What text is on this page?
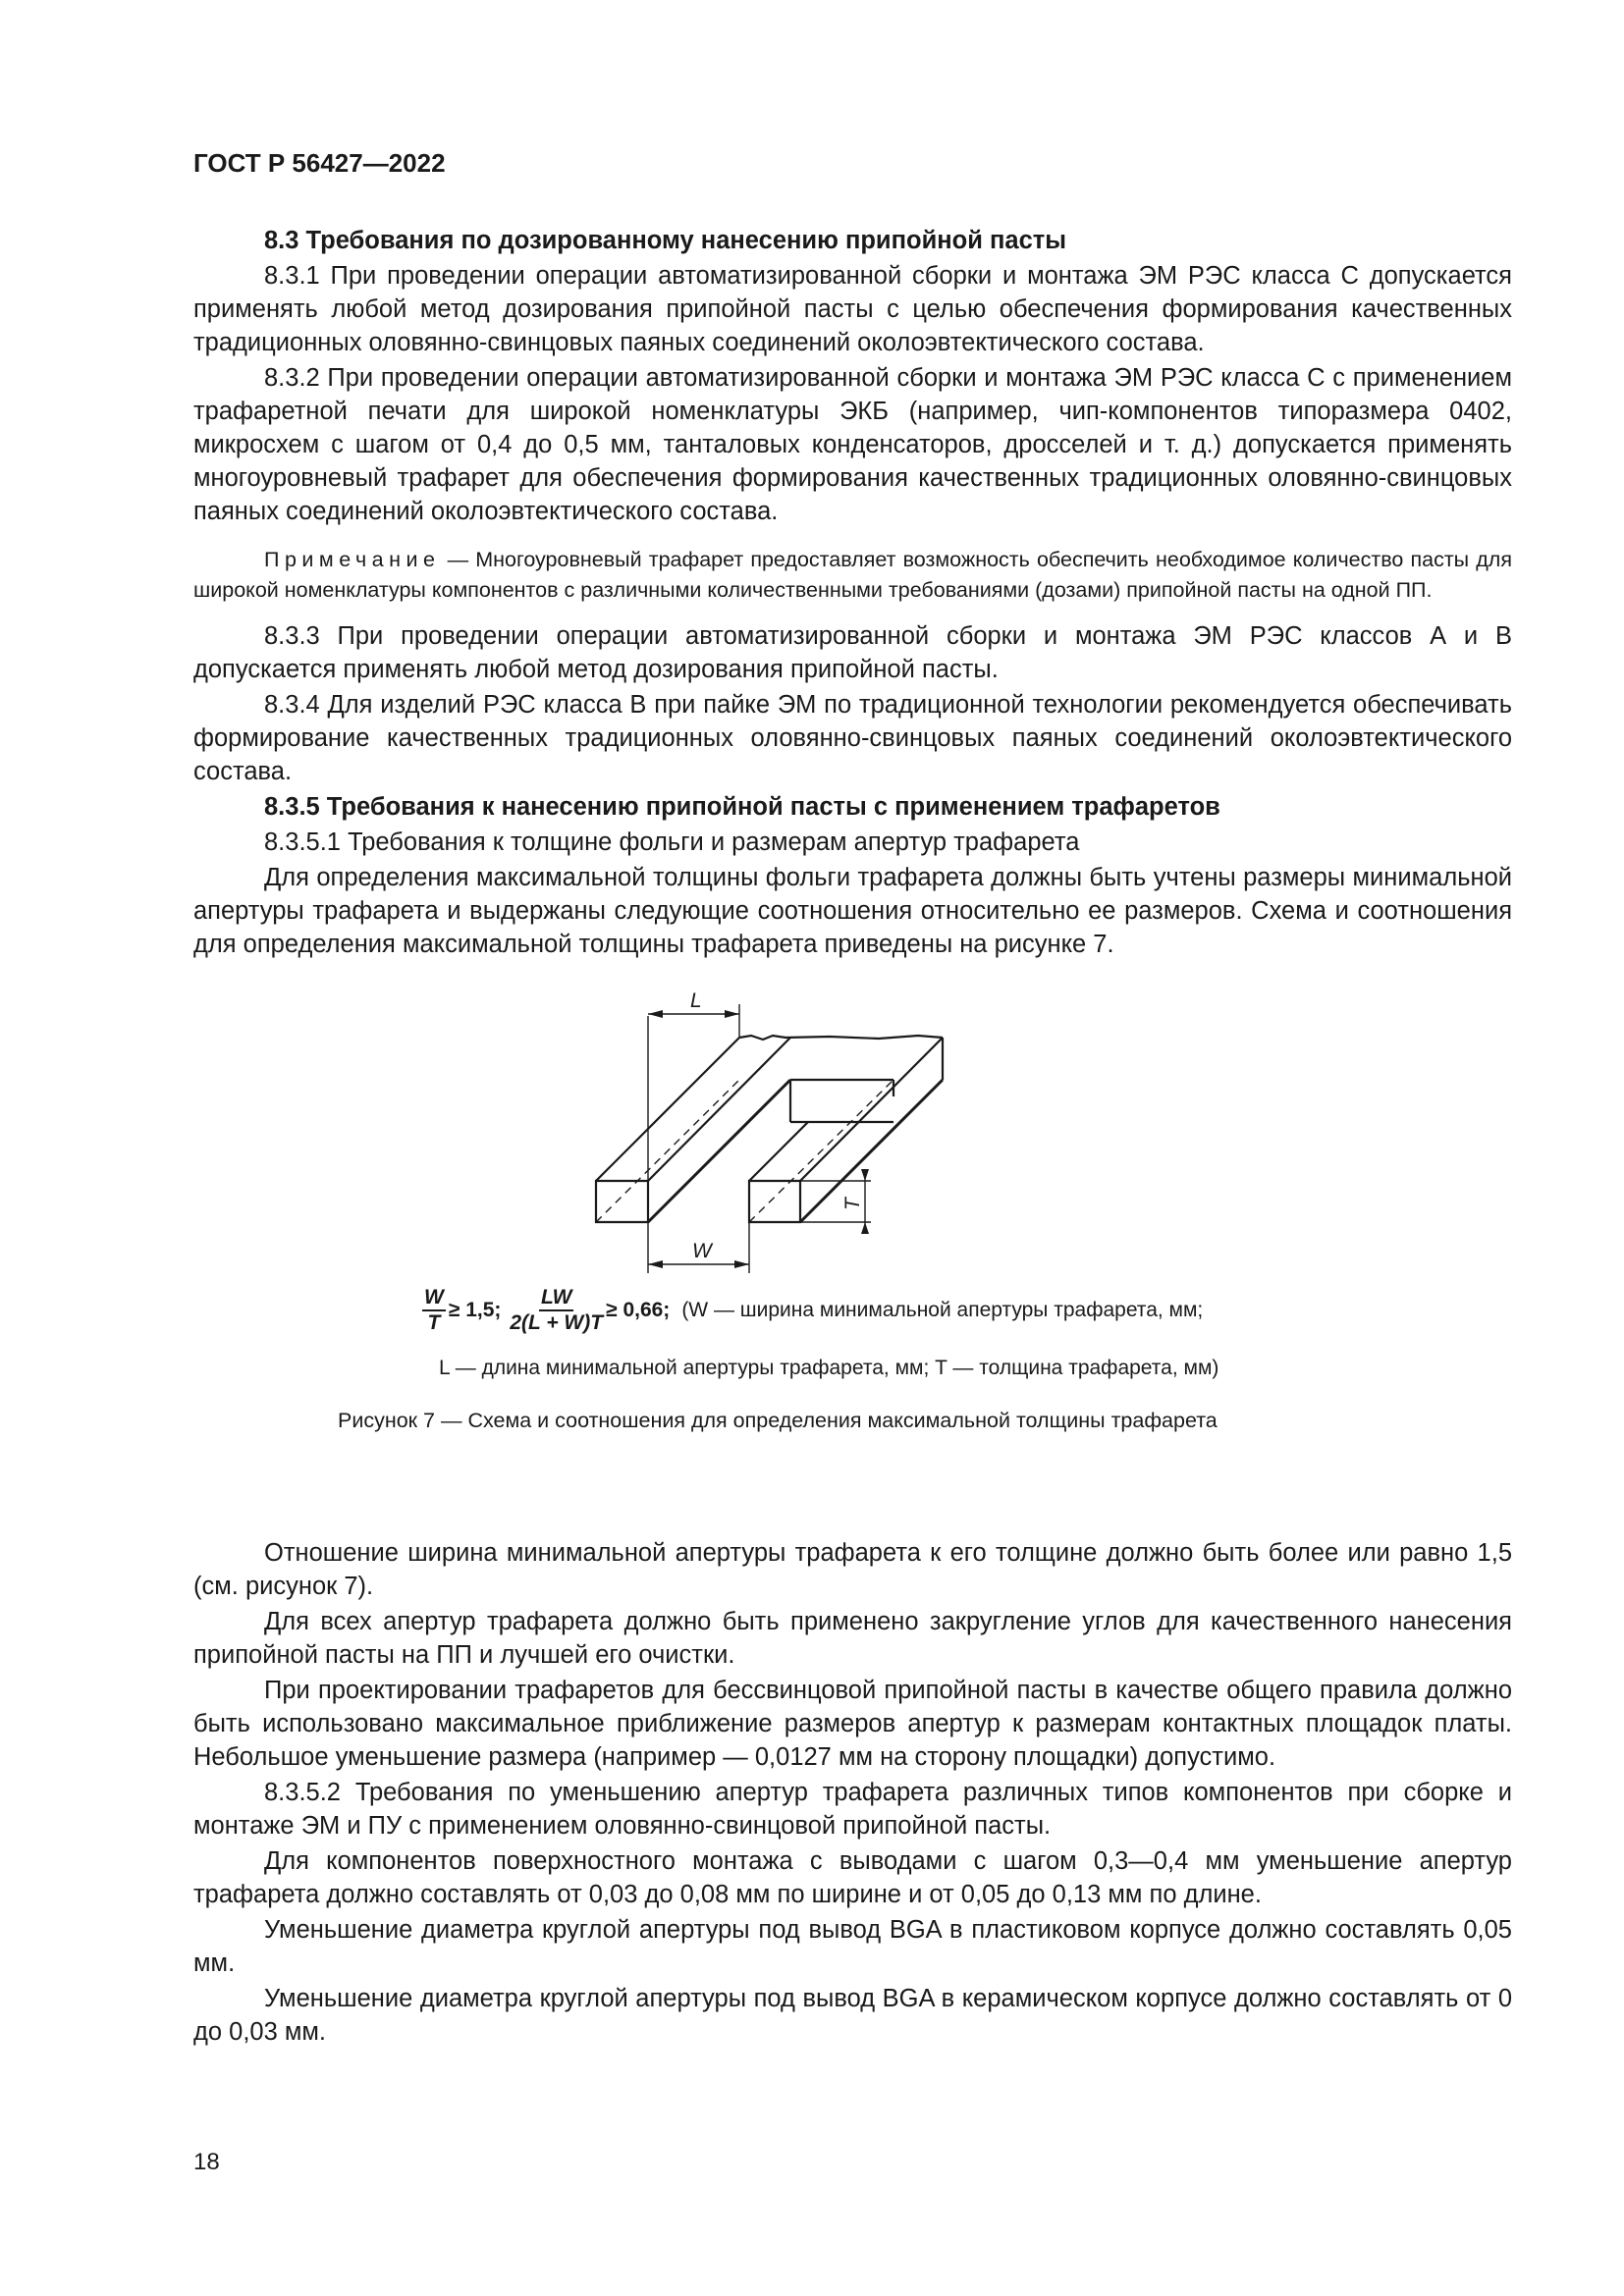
ГОСТ Р 56427—2022
8.3 Требования по дозированному нанесению припойной пасты
8.3.1 При проведении операции автоматизированной сборки и монтажа ЭМ РЭС класса С допускается применять любой метод дозирования припойной пасты с целью обеспечения формирования качественных традиционных оловянно-свинцовых паяных соединений околоэвтектического состава.
8.3.2 При проведении операции автоматизированной сборки и монтажа ЭМ РЭС класса С с применением трафаретной печати для широкой номенклатуры ЭКБ (например, чип-компонентов типоразмера 0402, микросхем с шагом от 0,4 до 0,5 мм, танталовых конденсаторов, дросселей и т. д.) допускается применять многоуровневый трафарет для обеспечения формирования качественных традиционных оловянно-свинцовых паяных соединений околоэвтектического состава.
Примечание — Многоуровневый трафарет предоставляет возможность обеспечить необходимое количество пасты для широкой номенклатуры компонентов с различными количественными требованиями (дозами) припойной пасты на одной ПП.
8.3.3 При проведении операции автоматизированной сборки и монтажа ЭМ РЭС классов А и В допускается применять любой метод дозирования припойной пасты.
8.3.4 Для изделий РЭС класса В при пайке ЭМ по традиционной технологии рекомендуется обеспечивать формирование качественных традиционных оловянно-свинцовых паяных соединений околоэвтектического состава.
8.3.5 Требования к нанесению припойной пасты с применением трафаретов
8.3.5.1 Требования к толщине фольги и размерам апертур трафарета
Для определения максимальной толщины фольги трафарета должны быть учтены размеры минимальной апертуры трафарета и выдержаны следующие соотношения относительно ее размеров. Схема и соотношения для определения максимальной толщины трафарета приведены на рисунке 7.
L
W
T
$\frac{W}{T} \ge 1,5$; $\frac{LW}{2(L + W)T} \ge 0,66$; (W — ширина минимальной апертуры трафарета, мм;
L — длина минимальной апертуры трафарета, мм; T — толщина трафарета, мм)
Рисунок 7 — Схема и соотношения для определения максимальной толщины трафарета
Отношение ширина минимальной апертуры трафарета к его толщине должно быть более или равно 1,5 (см. рисунок 7).
Для всех апертур трафарета должно быть применено закругление углов для качественного нанесения припойной пасты на ПП и лучшей его очистки.
При проектировании трафаретов для бессвинцовой припойной пасты в качестве общего правила должно быть использовано максимальное приближение размеров апертур к размерам контактных площадок платы. Небольшое уменьшение размера (например — 0,0127 мм на сторону площадки) допустимо.
8.3.5.2 Требования по уменьшению апертур трафарета различных типов компонентов при сборке и монтаже ЭМ и ПУ с применением оловянно-свинцовой припойной пасты.
Для компонентов поверхностного монтажа с выводами с шагом 0,3—0,4 мм уменьшение апертур трафарета должно составлять от 0,03 до 0,08 мм по ширине и от 0,05 до 0,13 мм по длине.
Уменьшение диаметра круглой апертуры под вывод BGA в пластиковом корпусе должно составлять 0,05 мм.
Уменьшение диаметра круглой апертуры под вывод BGA в керамическом корпусе должно составлять от 0 до 0,03 мм.
18
